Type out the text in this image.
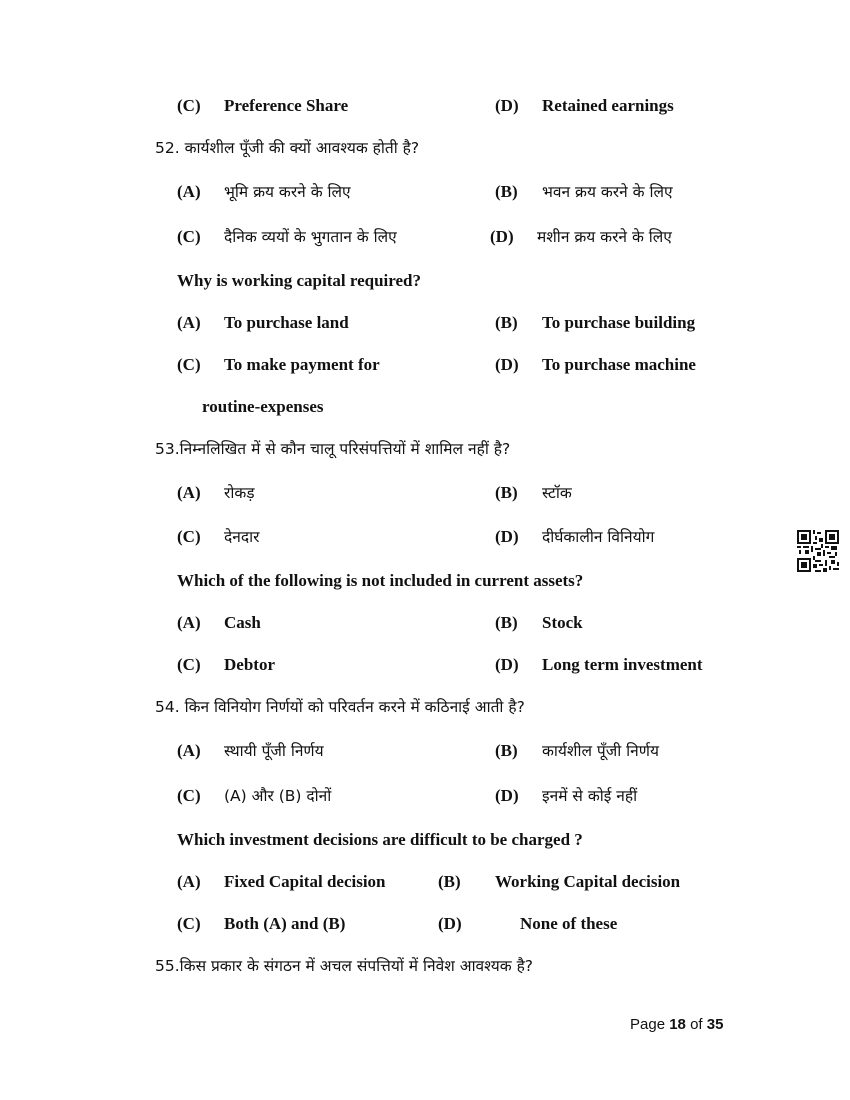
(C) Preference Share	(D) Retained earnings
52. कार्यशील पूँजी की क्यों आवश्यक होती है?
(A) भूमि क्रय करने के लिए	(B) भवन क्रय करने के लिए
(C) दैनिक व्ययों के भुगतान के लिए	(D) मशीन क्रय करने के लिए
Why is working capital required?
(A) To purchase land	(B) To purchase building
(C) To make payment for	(D) To purchase machine
routine-expenses
53.निम्नलिखित में से कौन चालू परिसंपत्तियों में शामिल नहीं है?
(A) रोकड़	(B) स्टॉक
(C) देनदार	(D) दीर्घकालीन विनियोग
Which of the following is not included in current assets?
(A) Cash	(B) Stock
(C) Debtor	(D) Long term investment
54. किन विनियोग निर्णयों को परिवर्तन करने में कठिनाई आती है?
(A) स्थायी पूँजी निर्णय	(B) कार्यशील पूँजी निर्णय
(C) (A) और (B) दोनों	(D) इनमें से कोई नहीं
Which investment decisions are difficult to be charged ?
(A) Fixed Capital decision	(B) Working Capital decision
(C) Both (A) and (B)	(D)	None of these
55.किस प्रकार के संगठन में अचल संपत्तियों में निवेश आवश्यक है?
Page 18 of 35
